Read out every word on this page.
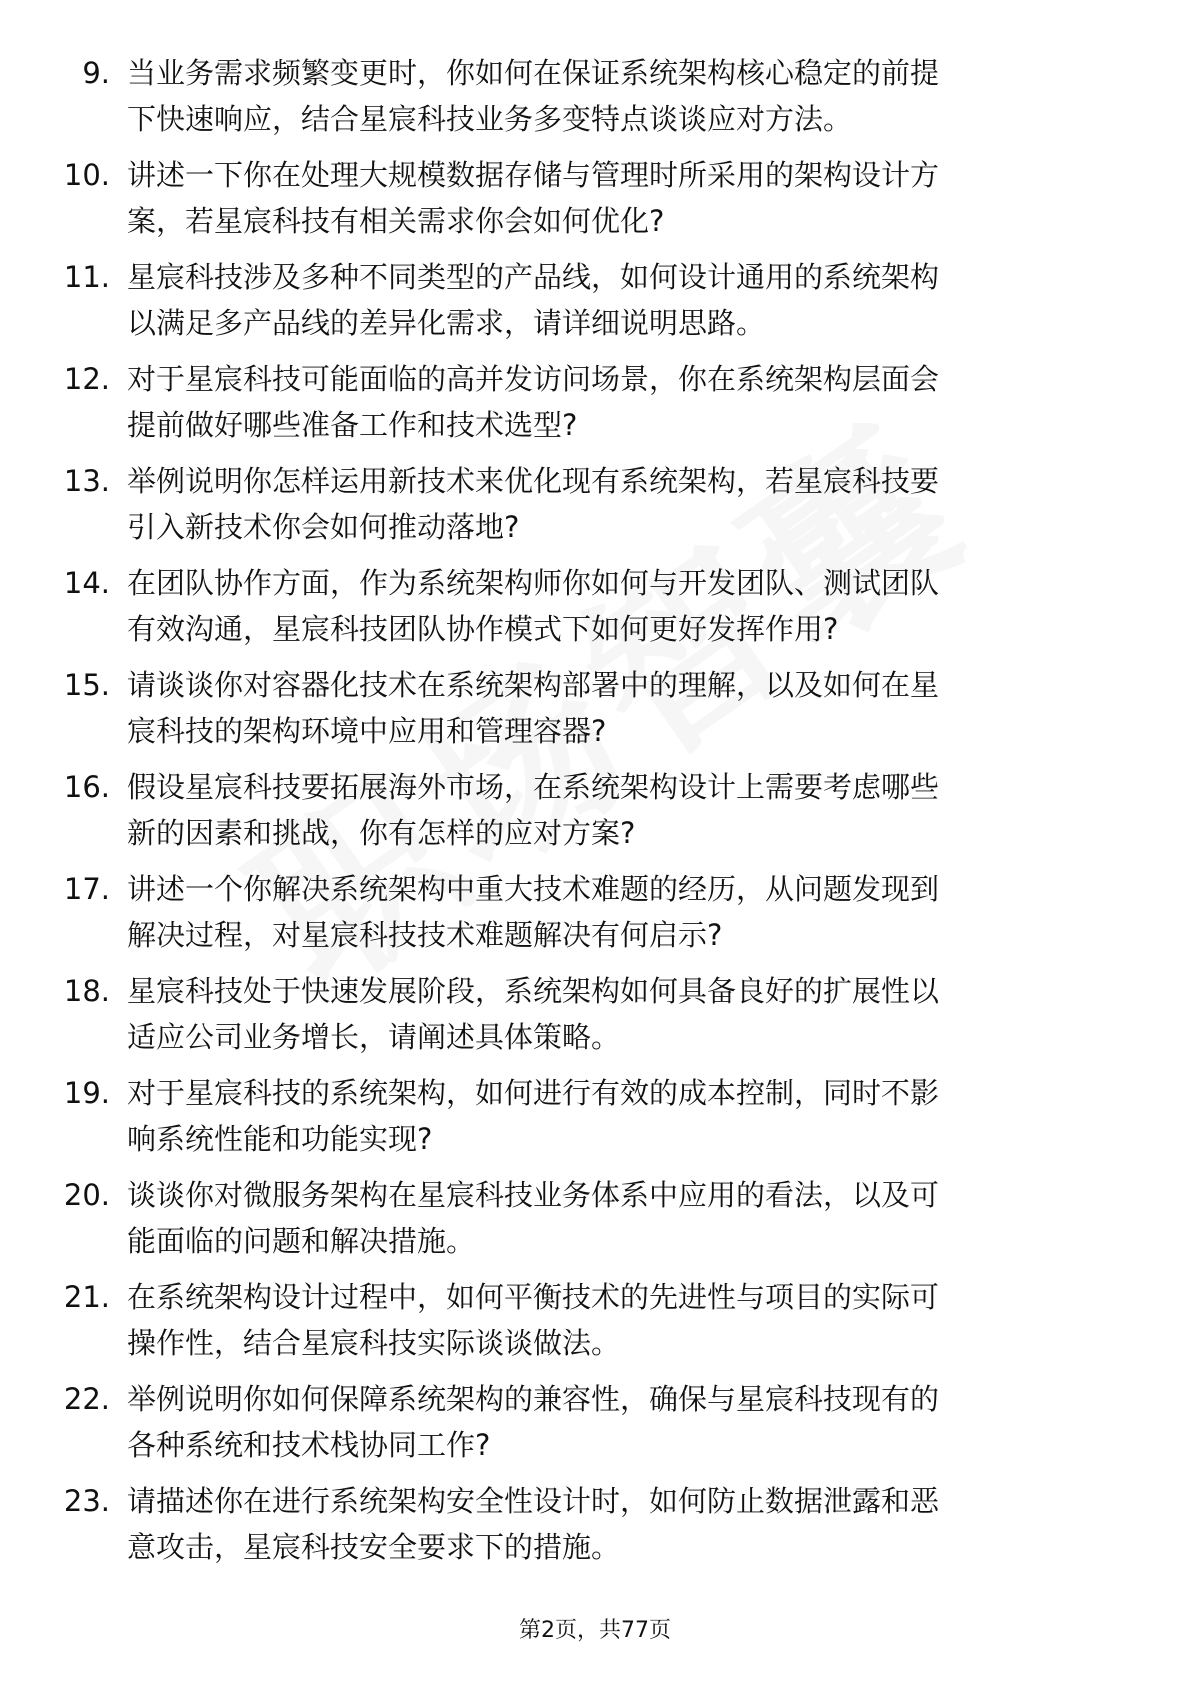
9. 当业务需求频繁变更时，你如何在保证系统架构核心稳定的前提
下快速响应，结合星宸科技业务多变特点谈谈应对方法。
10. 讲述一下你在处理大规模数据存储与管理时所采用的架构设计方
案，若星宸科技有相关需求你会如何优化?
11. 星宸科技涉及多种不同类型的产品线，如何设计通用的系统架构
以满足多产品线的差异化需求，请详细说明思路。
12. 对于星宸科技可能面临的高并发访问场景，你在系统架构层面会
提前做好哪些准备工作和技术选型?
13. 举例说明你怎样运用新技术来优化现有系统架构，若星宸科技要
引入新技术你会如何推动落地?
14. 在团队协作方面，作为系统架构师你如何与开发团队、测试团队
有效沟通，星宸科技团队协作模式下如何更好发挥作用?
15. 请谈谈你对容器化技术在系统架构部署中的理解，以及如何在星
宸科技的架构环境中应用和管理容器?
16. 假设星宸科技要拓展海外市场，在系统架构设计上需要考虑哪些
新的因素和挑战，你有怎样的应对方案?
17. 讲述一个你解决系统架构中重大技术难题的经历，从问题发现到
解决过程，对星宸科技技术难题解决有何启示?
18. 星宸科技处于快速发展阶段，系统架构如何具备良好的扩展性以
适应公司业务增长，请阐述具体策略。
19. 对于星宸科技的系统架构，如何进行有效的成本控制，同时不影
响系统性能和功能实现?
20. 谈谈你对微服务架构在星宸科技业务体系中应用的看法，以及可
能面临的问题和解决措施。
21. 在系统架构设计过程中，如何平衡技术的先进性与项目的实际可
操作性，结合星宸科技实际谈谈做法。
22. 举例说明你如何保障系统架构的兼容性，确保与星宸科技现有的
各种系统和技术栈协同工作?
23. 请描述你在进行系统架构安全性设计时，如何防止数据泄露和恶
意攻击，星宸科技安全要求下的措施。
第2页，共77页
